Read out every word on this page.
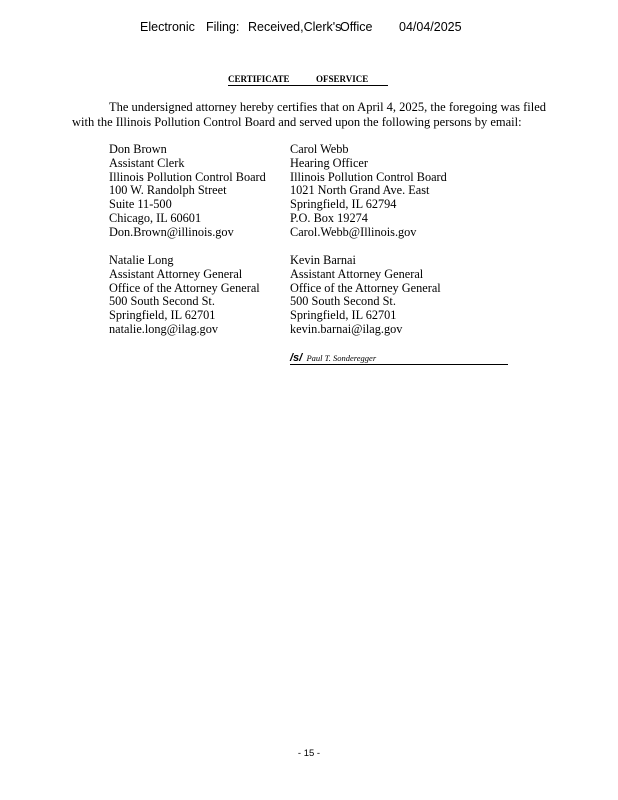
Electronic Filing: Received,Clerk's
Office	04/04/2025
CERTIFICATE	OFSERVICE
The undersigned attorney hereby certifies that on April 4, 2025, the foregoing was filed
with the Illinois Pollution Control Board and served upon the following persons by email:
Don Brown
Assistant Clerk
Illinois Pollution Control Board
100 W. Randolph Street
Suite 11-500
Chicago, IL 60601
Don.Brown@illinois.gov
Carol Webb
Hearing Officer
Illinois Pollution Control Board
1021 North Grand Ave. East
Springfield, IL 62794
P.O. Box 19274
Carol.Webb@Illinois.gov
Natalie Long
Assistant Attorney General
Office of the Attorney General
500 South Second St.
Springfield, IL 62701
natalie.long@ilag.gov
Kevin Barnai
Assistant Attorney General
Office of the Attorney General
500 South Second St.
Springfield, IL 62701
kevin.barnai@ilag.gov
/s/ Paul T. Sonderegger
- 15 -
